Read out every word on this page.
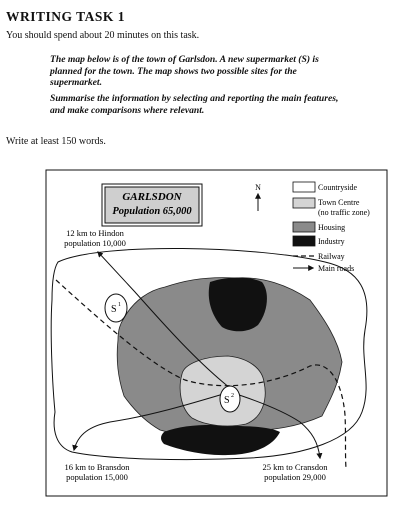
WRITING TASK 1
You should spend about 20 minutes on this task.
The map below is of the town of Garlsdon. A new supermarket (S) is
planned for the town. The map shows two possible sites for the
supermarket.
Summarise the information by selecting and reporting the main features,
and make comparisons where relevant.
Write at least 150 words.
S 1
S 2
GARLSDON
Population 65,000
N	Countryside
Town Centre
(no traffic zone)
Housing
Industry
Railway
Main roads
12 km to Hindon
population 10,000
16 km to Bransdon
population 15,000
25 km to Cransdon
population 29,000
